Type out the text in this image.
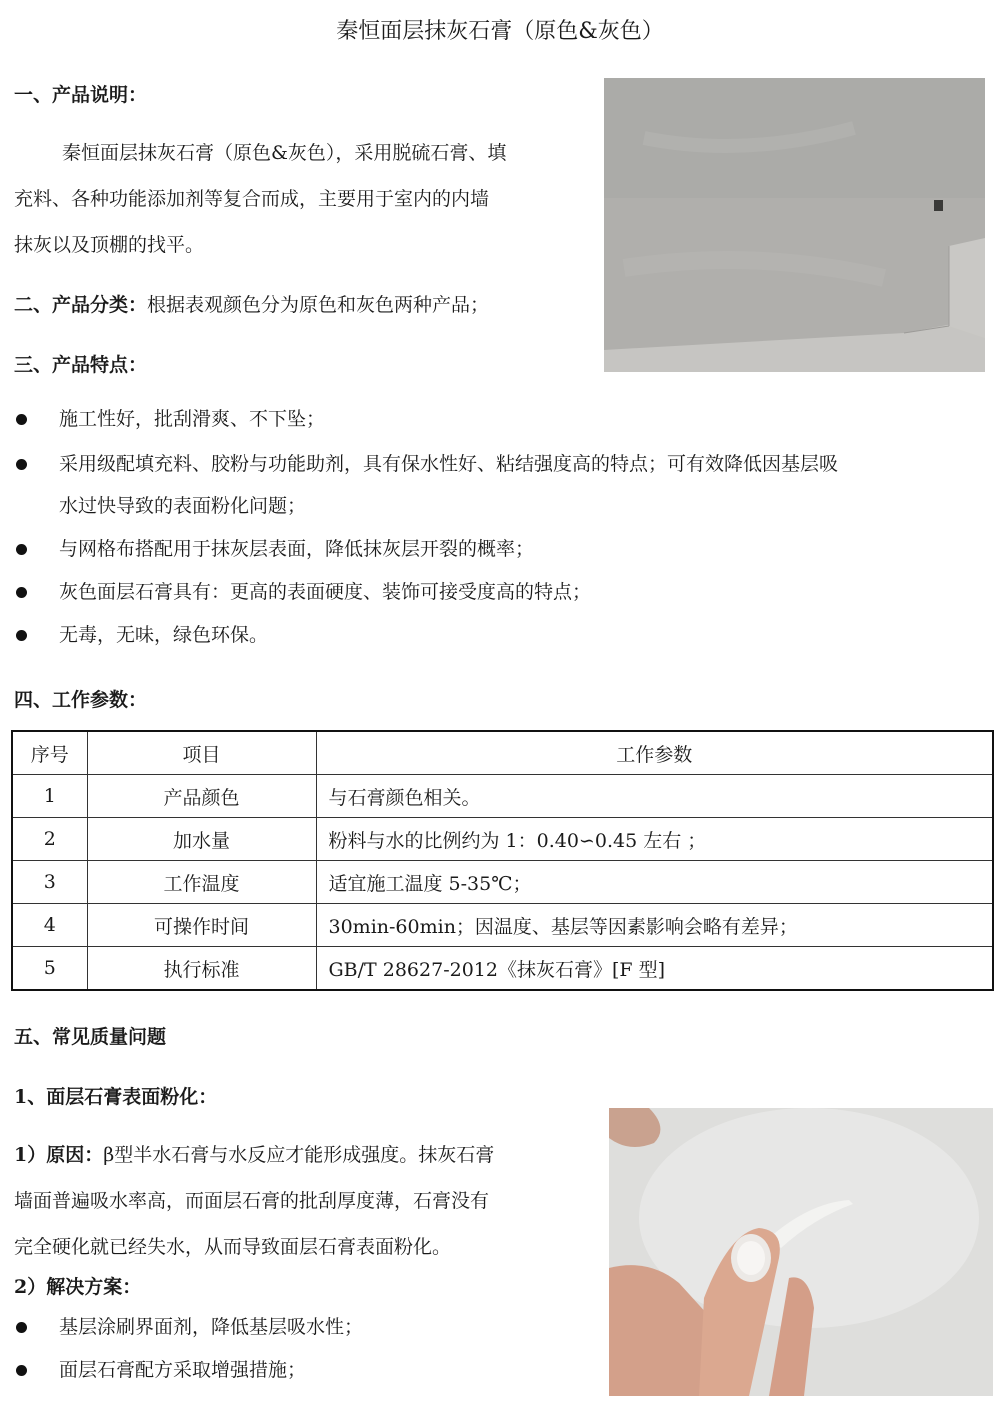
秦恒面层抹灰石膏（原色&灰色）
一、产品说明：
秦恒面层抹灰石膏（原色&灰色），采用脱硫石膏、填
充料、各种功能添加剂等复合而成，主要用于室内的内墙
抹灰以及顶棚的找平。
二、产品分类：根据表观颜色分为原色和灰色两种产品；
三、产品特点：
施工性好，批刮滑爽、不下坠；
采用级配填充料、胶粉与功能助剂，具有保水性好、粘结强度高的特点；可有效降低因基层吸
水过快导致的表面粉化问题；
与网格布搭配用于抹灰层表面，降低抹灰层开裂的概率；
灰色面层石膏具有：更高的表面硬度、装饰可接受度高的特点；
无毒，无味，绿色环保。
四、工作参数：
序号	项目	工作参数
1	产品颜色	与石膏颜色相关。
2	加水量	粉料与水的比例约为 1：0.40∽0.45 左右 ；
3	工作温度	适宜施工温度 5-35℃；
4	可操作时间	30min-60min；因温度、基层等因素影响会略有差异；
5	执行标准	GB/T 28627-2012《抹灰石膏》[F 型]
五、常见质量问题
1、面层石膏表面粉化：
1）原因：β型半水石膏与水反应才能形成强度。抹灰石膏
墙面普遍吸水率高，而面层石膏的批刮厚度薄，石膏没有
完全硬化就已经失水，从而导致面层石膏表面粉化。
2）解决方案：
基层涂刷界面剂，降低基层吸水性；
面层石膏配方采取增强措施；
